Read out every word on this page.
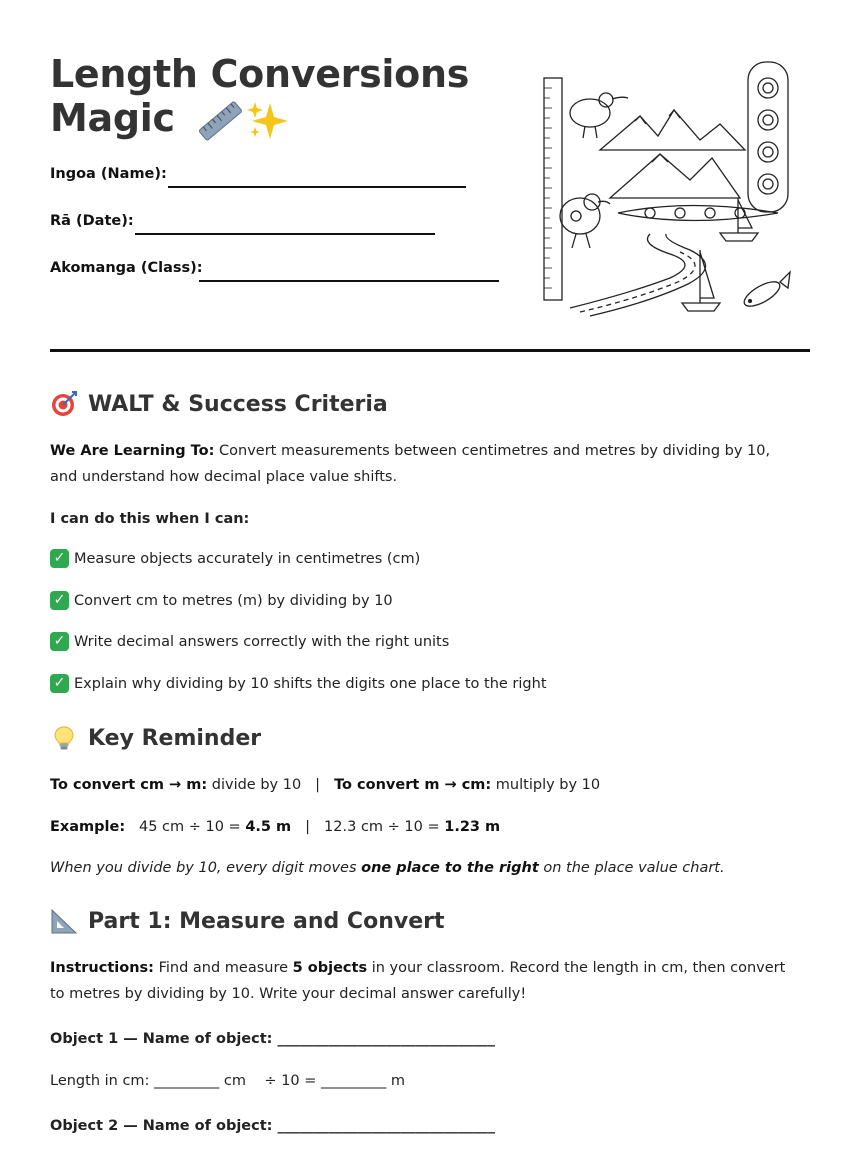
Length Conversions
Magic
Ingoa (Name):
Rā (Date):
Akomanga (Class):
WALT & Success Criteria

We Are Learning To: Convert measurements between centimetres and metres by dividing by 10, and understand how decimal place value shifts.

I can do this when I can:

✓ Measure objects accurately in centimetres (cm)
✓ Convert cm to metres (m) by dividing by 10
✓ Write decimal answers correctly with the right units
✓ Explain why dividing by 10 shifts the digits one place to the right
Key Reminder

To convert cm → m: divide by 10 | To convert m → cm: multiply by 10

Example: 45 cm ÷ 10 = 4.5 m | 12.3 cm ÷ 10 = 1.23 m

When you divide by 10, every digit moves one place to the right on the place value chart.

Part 1: Measure and Convert

Instructions: Find and measure 5 objects in your classroom. Record the length in cm, then convert to metres by dividing by 10. Write your decimal answer carefully!

Object 1 — Name of object: ______________________________

Length in cm: _________ cm    ÷ 10 = _________ m

Object 2 — Name of object: ______________________________
